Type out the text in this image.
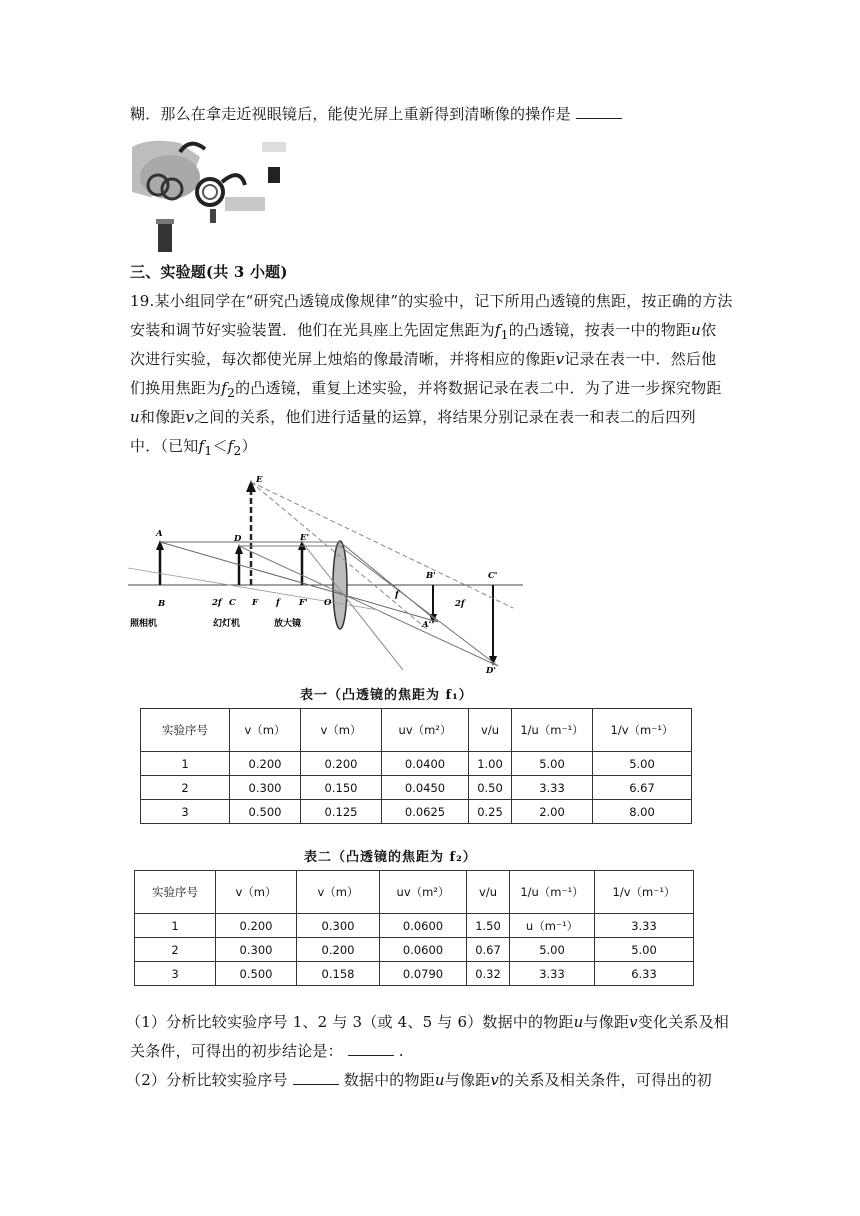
糊．那么在拿走近视眼镜后，能使光屏上重新得到清晰像的操作是
三、实验题(共 3 小题)
19.某小组同学在“研究凸透镜成像规律”的实验中，记下所用凸透镜的焦距，按正确的方法
安装和调节好实验装置．他们在光具座上先固定焦距为$f_1$的凸透镜，按表一中的物距u依
次进行实验，每次都使光屏上烛焰的像最清晰，并将相应的像距v记录在表一中．然后他
们换用焦距为$f_2$的凸透镜，重复上述实验，并将数据记录在表二中．为了进一步探究物距
u和像距v之间的关系，他们进行适量的运算，将结果分别记录在表一和表二的后四列
中．（已知$f_1<f_2$）
E
A	D	E'
B	2f C F f F' O
f
B'
2f
C'
A'
D'
照相机	幻灯机	放大镜
表一（凸透镜的焦距为 f₁）
实验序号	v（m）	v（m）	uv（m²）	v/u	1/u（m⁻¹）	1/v（m⁻¹）
1	0.200	0.200	0.0400	1.00	5.00	5.00
2	0.300	0.150	0.0450	0.50	3.33	6.67
3	0.500	0.125	0.0625	0.25	2.00	8.00
表二（凸透镜的焦距为 f₂）
实验序号	v（m）	v（m）	uv（m²）	v/u	1/u（m⁻¹）	1/v（m⁻¹）
1	0.200	0.300	0.0600	1.50	u（m⁻¹）	3.33
2	0.300	0.200	0.0600	0.67	5.00	5.00
3	0.500	0.158	0.0790	0.32	3.33	6.33
（1）分析比较实验序号 1、2 与 3（或 4、5 与 6）数据中的物距u与像距v变化关系及相
关条件，可得出的初步结论是：	.
（2）分析比较实验序号	数据中的物距u与像距v的关系及相关条件，可得出的初
